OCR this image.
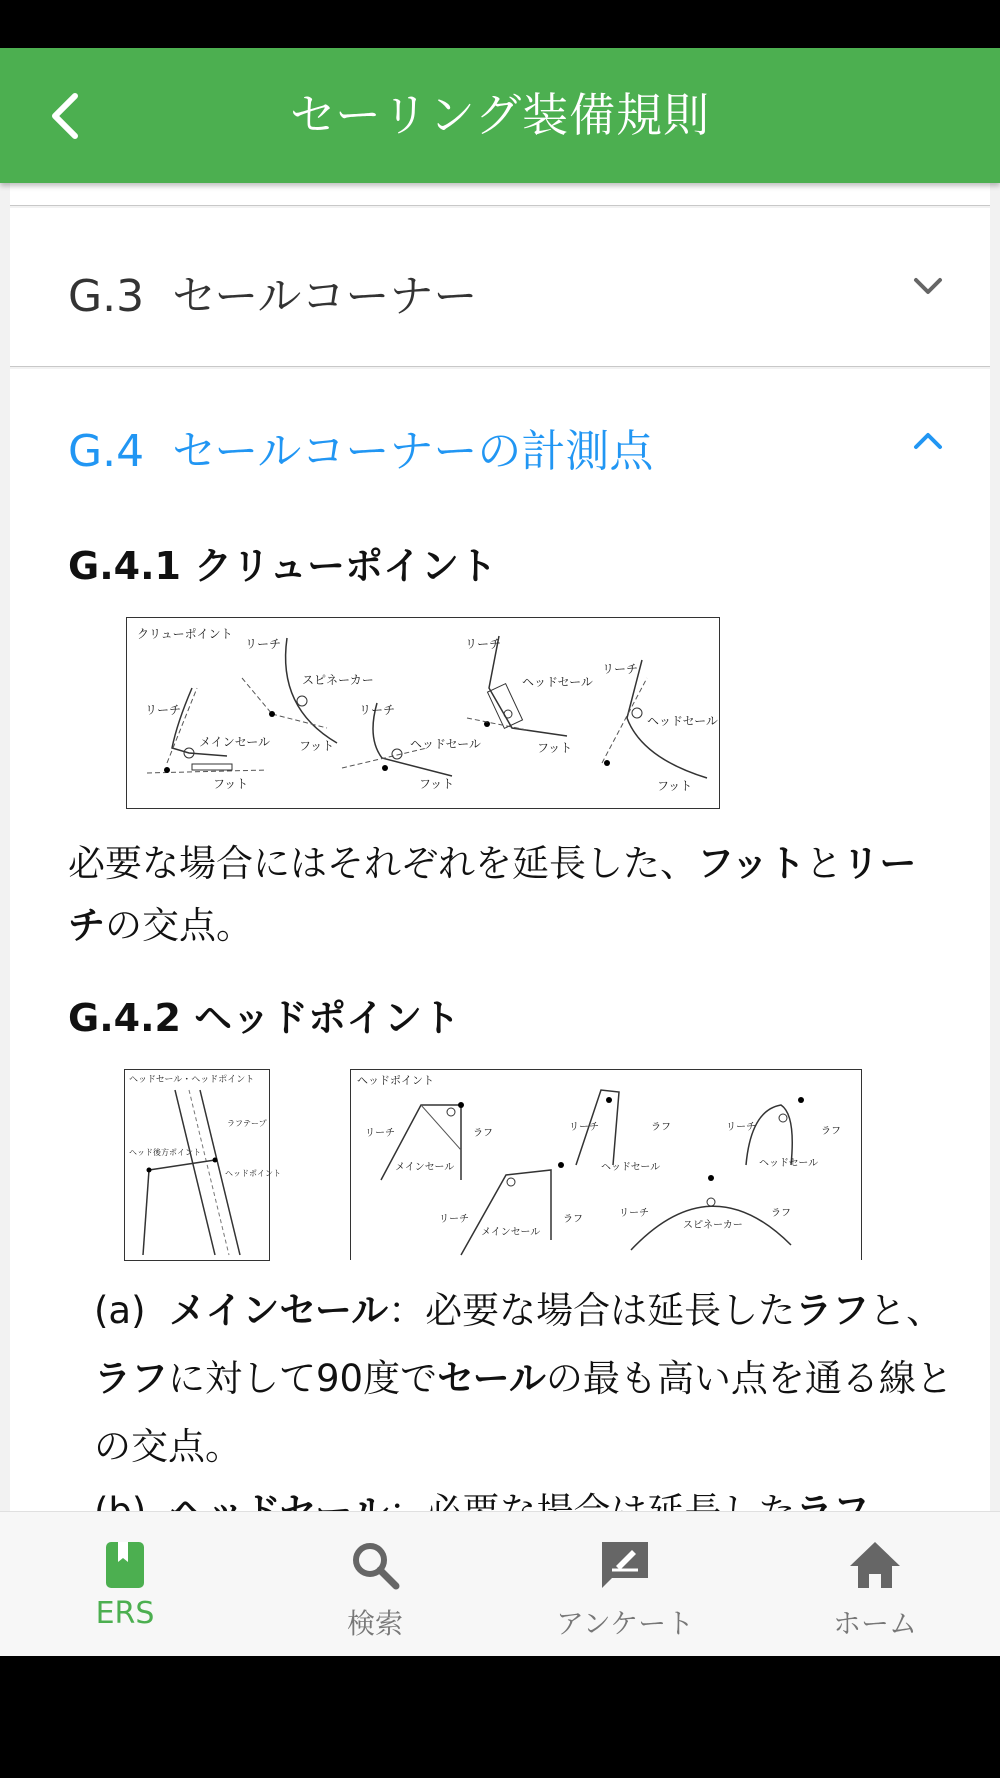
セーリング装備規則
G.3 セールコーナー
G.4 セールコーナーの計測点
G.4.1 クリューポイント
クリューポイント
リーチ
メインセール
フット
リーチ
スピネーカー
フット
リーチ
ヘッドセール
フット
リーチ
ヘッドセール
フット
リーチ
ヘッドセール
フット
必要な場合にはそれぞれを延長した、フットとリーチの交点。
G.4.2 ヘッドポイント
ヘッドセール・ヘッドポイント
ラフテープ
ヘッド後方ポイント
ヘッドポイント
ヘッドポイント
リーチ	ラフ
メインセール
リーチ	ラフ
ヘッドセール
リーチ	ラフ
ヘッドセール
リーチ	ラフ
メインセール
リーチ	ラフ
スピネーカー
(a) メインセール：必要な場合は延長したラフと、ラフに対して90度でセールの最も高い点を通る線との交点。

ERS	検索	アンケート	ホーム
